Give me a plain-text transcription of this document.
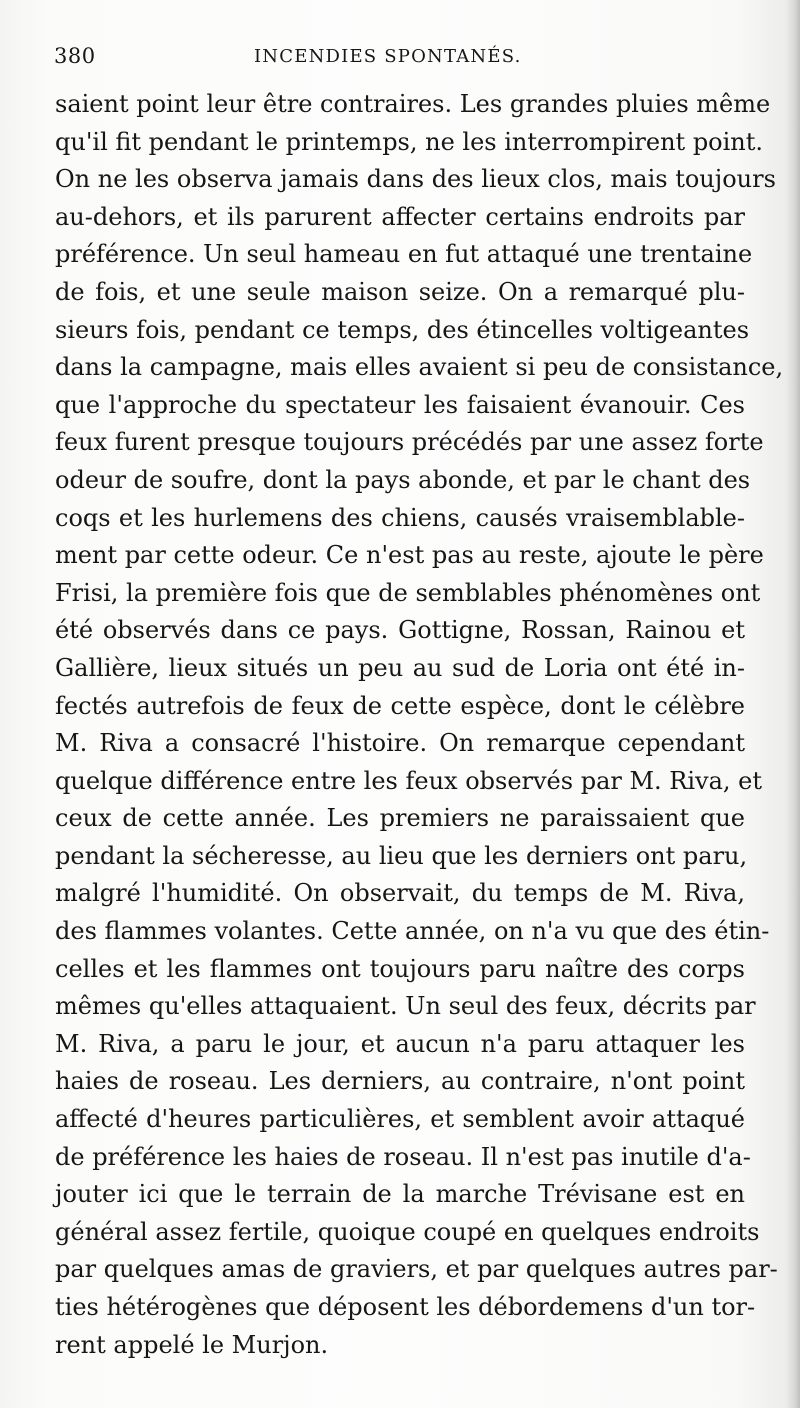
380	INCENDIES SPONTANÉS.
saient point leur être contraires. Les grandes pluies même
qu'il fit pendant le printemps, ne les interrompirent point.
On ne les observa jamais dans des lieux clos, mais toujours
au-dehors, et ils parurent affecter certains endroits par
préférence. Un seul hameau en fut attaqué une trentaine
de fois, et une seule maison seize. On a remarqué plu-
sieurs fois, pendant ce temps, des étincelles voltigeantes
dans la campagne, mais elles avaient si peu de consistance,
que l'approche du spectateur les faisaient évanouir. Ces
feux furent presque toujours précédés par une assez forte
odeur de soufre, dont la pays abonde, et par le chant des
coqs et les hurlemens des chiens, causés vraisemblable-
ment par cette odeur. Ce n'est pas au reste, ajoute le père
Frisi, la première fois que de semblables phénomènes ont
été observés dans ce pays. Gottigne, Rossan, Rainou et
Gallière, lieux situés un peu au sud de Loria ont été in-
fectés autrefois de feux de cette espèce, dont le célèbre
M. Riva a consacré l'histoire. On remarque cependant
quelque différence entre les feux observés par M. Riva, et
ceux de cette année. Les premiers ne paraissaient que
pendant la sécheresse, au lieu que les derniers ont paru,
malgré l'humidité. On observait, du temps de M. Riva,
des flammes volantes. Cette année, on n'a vu que des étin-
celles et les flammes ont toujours paru naître des corps
mêmes qu'elles attaquaient. Un seul des feux, décrits par
M. Riva, a paru le jour, et aucun n'a paru attaquer les
haies de roseau. Les derniers, au contraire, n'ont point
affecté d'heures particulières, et semblent avoir attaqué
de préférence les haies de roseau. Il n'est pas inutile d'a-
jouter ici que le terrain de la marche Trévisane est en
général assez fertile, quoique coupé en quelques endroits
par quelques amas de graviers, et par quelques autres par-
ties hétérogènes que déposent les débordemens d'un tor-
rent appelé le Murjon.
